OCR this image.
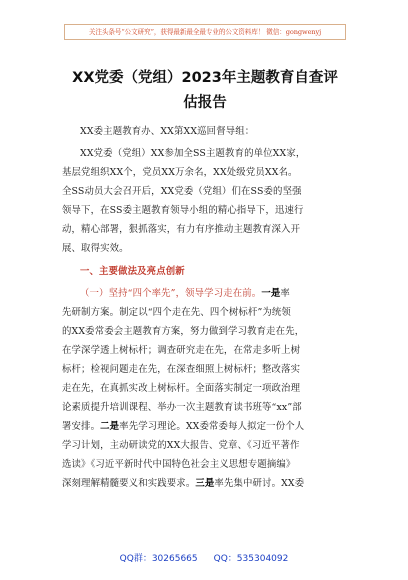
关注头条号“公文研究”，获得最新最全最专业的公文资料库！ 微信：gongwenyj
XX党委（党组）2023年主题教育自查评
估报告
XX委主题教育办、XX第XX巡回督导组：
XX党委（党组）XX参加全SS主题教育的单位XX家，
基层党组织XX个，党员XX万余名，XX处级党员XX名。
全SS动员大会召开后，XX党委（党组）们在SS委的坚强
领导下，在SS委主题教育领导小组的精心指导下，迅速行
动，精心部署，狠抓落实，有力有序推动主题教育深入开
展、取得实效。
一、主要做法及亮点创新
（一）坚持“四个率先”，领导学习走在前。一是率
先研制方案。制定以“四个走在先、四个树标杆”为统领
的XX委常委会主题教育方案，努力做到学习教育走在先，
在学深学透上树标杆；调查研究走在先，在常走多听上树
标杆；检视问题走在先，在深查细照上树标杆；整改落实
走在先，在真抓实改上树标杆。全面落实制定一项政治理
论素质提升培训课程、举办一次主题教育读书班等“xx”部
署安排。二是率先学习理论。XX委常委每人拟定一份个人
学习计划，主动研读党的XX大报告、党章、《习近平著作
选读》《习近平新时代中国特色社会主义思想专题摘编》
深刻理解精髓要义和实践要求。三是率先集中研讨。XX委
QQ群：30265665 QQ：535304092
